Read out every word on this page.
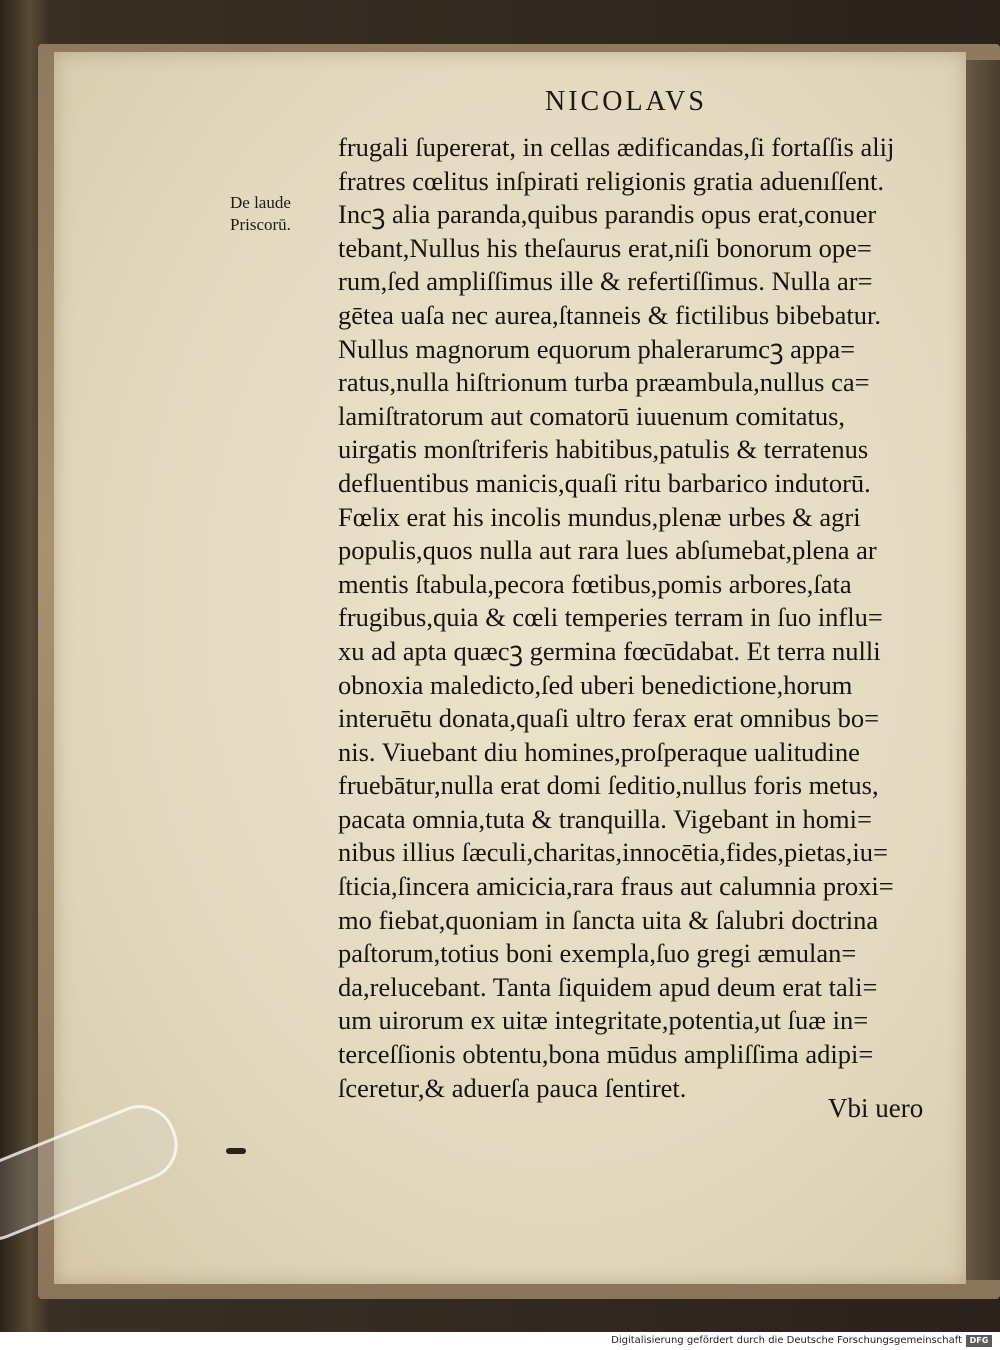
NICOLAVS
De laude
Priscorū.
frugali ſupererat, in cellas ædificandas,ſi fortaſſis alij
fratres cœlitus inſpirati religionis gratia aduenıſſent.
Incꝫ alia paranda,quibus parandis opus erat,conuer
tebant,Nullus his theſaurus erat,niſi bonorum ope=
rum,ſed ampliſſimus ille & refertiſſimus. Nulla ar=
gētea uaſa nec aurea,ſtanneis & fictilibus bibebatur.
Nullus magnorum equorum phalerarumcꝫ appa=
ratus,nulla hiſtrionum turba præambula,nullus ca=
lamiſtratorum aut comatorū iuuenum comitatus,
uirgatis monſtriferis habitibus,patulis & terratenus
defluentibus manicis,quaſi ritu barbarico indutorū.
Fœlix erat his incolis mundus,plenæ urbes & agri
populis,quos nulla aut rara lues abſumebat,plena ar
mentis ſtabula,pecora fœtibus,pomis arbores,ſata
frugibus,quia & cœli temperies terram in ſuo influ=
xu ad apta quæcꝫ germina fœcūdabat. Et terra nulli
obnoxia maledicto,ſed uberi benedictione,horum
interuētu donata,quaſi ultro ferax erat omnibus bo=
nis. Viuebant diu homines,proſperaque ualitudine
fruebātur,nulla erat domi ſeditio,nullus foris metus,
pacata omnia,tuta & tranquilla. Vigebant in homi=
nibus illius ſæculi,charitas,innocētia,fides,pietas,iu=
ſticia,ſincera amicicia,rara fraus aut calumnia proxi=
mo fiebat,quoniam in ſancta uita & ſalubri doctrina
paſtorum,totius boni exempla,ſuo gregi æmulan=
da,relucebant. Tanta ſiquidem apud deum erat tali=
um uirorum ex uitæ integritate,potentia,ut ſuæ in=
terceſſionis obtentu,bona mūdus ampliſſima adipi=
ſceretur,& aduerſa pauca ſentiret.
Vbi uero
Digitalisierung gefördert durch die Deutsche Forschungsgemeinschaft DFG
